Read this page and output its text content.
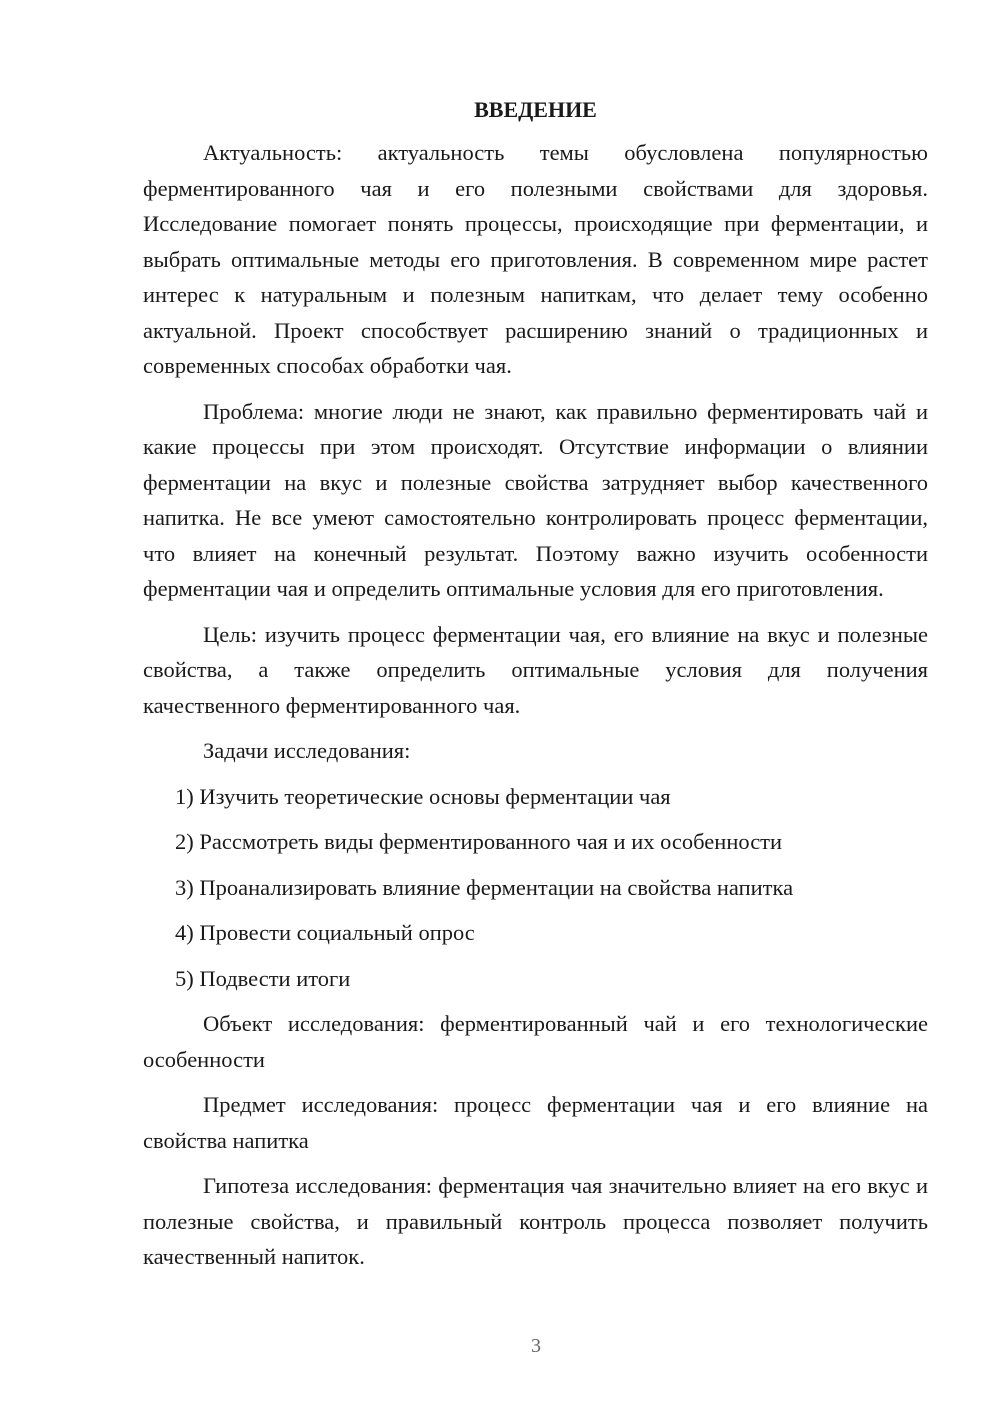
ВВЕДЕНИЕ

Актуальность: актуальность темы обусловлена популярностью ферментированного чая и его полезными свойствами для здоровья. Исследование помогает понять процессы, происходящие при ферментации, и выбрать оптимальные методы его приготовления. В современном мире растет интерес к натуральным и полезным напиткам, что делает тему особенно актуальной. Проект способствует расширению знаний о традиционных и современных способах обработки чая.

Проблема: многие люди не знают, как правильно ферментировать чай и какие процессы при этом происходят. Отсутствие информации о влиянии ферментации на вкус и полезные свойства затрудняет выбор качественного напитка. Не все умеют самостоятельно контролировать процесс ферментации, что влияет на конечный результат. Поэтому важно изучить особенности ферментации чая и определить оптимальные условия для его приготовления.

Цель: изучить процесс ферментации чая, его влияние на вкус и полезные свойства, а также определить оптимальные условия для получения качественного ферментированного чая.

Задачи исследования:

1) Изучить теоретические основы ферментации чая
2) Рассмотреть виды ферментированного чая и их особенности
3) Проанализировать влияние ферментации на свойства напитка
4) Провести социальный опрос
5) Подвести итоги

Объект исследования: ферментированный чай и его технологические особенности

Предмет исследования: процесс ферментации чая и его влияние на свойства напитка

Гипотеза исследования: ферментация чая значительно влияет на его вкус и полезные свойства, и правильный контроль процесса позволяет получить качественный напиток.

3
